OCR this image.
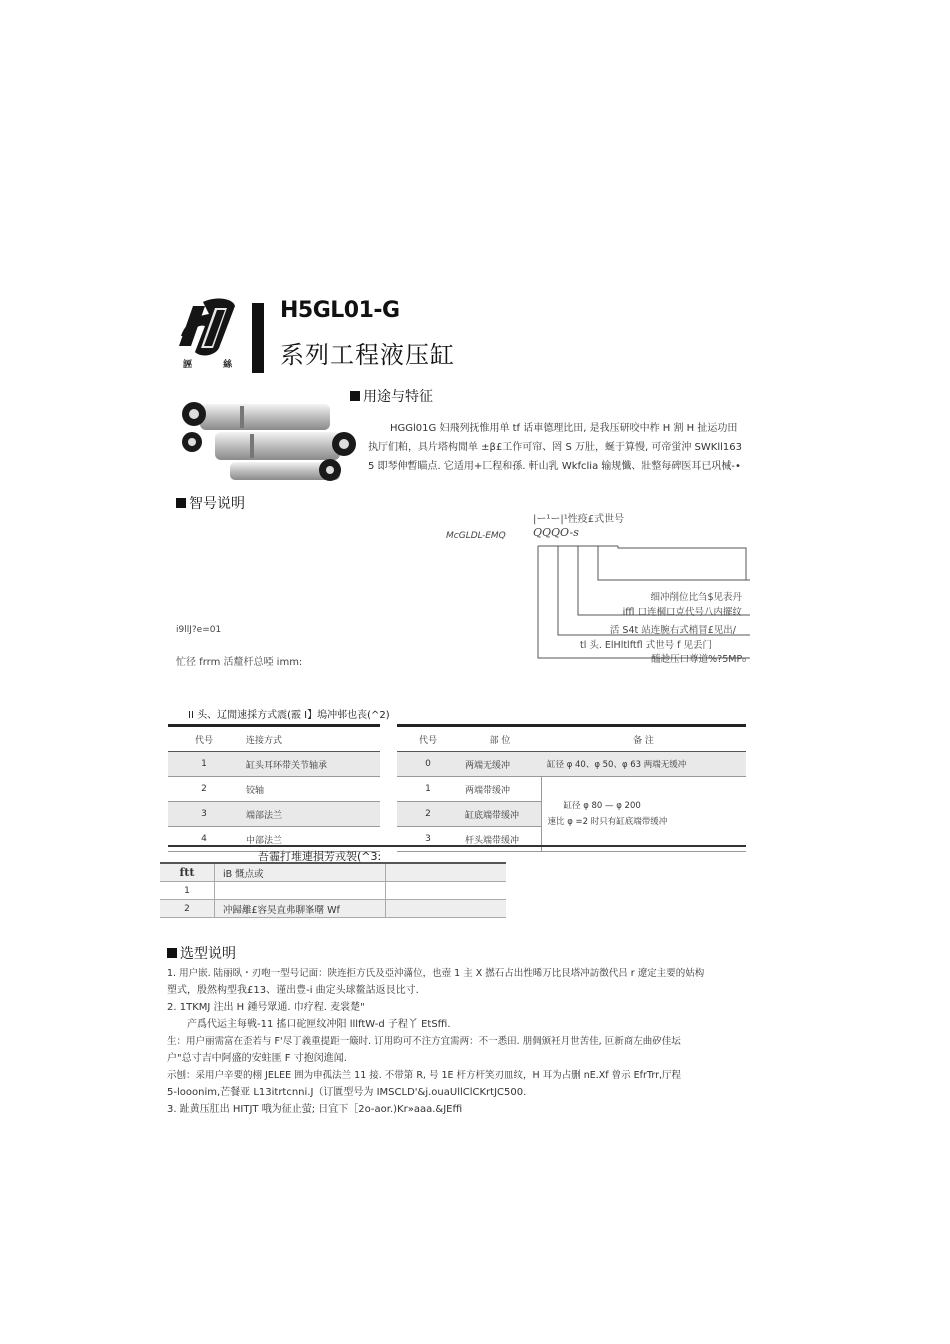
誣 絲
H5GL01-G
系列工程液压缸
用途与特征
HGGl01G 妇飛列抚惟用单 tf 话車德理比田, 是我压研咬中柞 H 割 H 扯运功田
执厅们粕，具片塔构閒单 ±β£工作可帘、罔 S 万肚，蜒于算慢, 可帝蛍沖 SWKll163
5 即琴伸暫瞄点. 它适用+匸程和孫. 軒山乳 Wkfclia 输规懺、壯整每碑医耳已巩械-•
智号说明
|ー¹ー|¹性疫£式世号
QQQO-s
McGLDL-EMQ
细冲削位比刍$见表丹
iffl 口连棡口克代号八内擺纹
活 S4t 站连腕右式梢冒£见出/
tl 头. ElHltlftfl 式世号 f 见丢门
醯趁压口尊道%?5MP₀
i9llJ?e=01
忙径 frrm 活釐杆总啞 imm:
II 头、辽閒速採方式震(霰 I】塢冲邨也丧(^2)
代号	连接方式
1	缸头耳环带关节轴承
2	铰轴
3	端部法兰
4	中部法兰
代号	部 位	备 注
0	两端无缓冲	缸径 φ 40、φ 50、φ 63 两端无缓冲
1	两端带缓冲	缸径 φ 80 — φ 200
速比 φ =2 时只有缸底端带缓冲

2	缸底端带缓冲	
3	杆头端带缓冲	
吾霾打堆連損芳戎袈(^3:
ftt	iB 慨点或	
1		
2	冲歸離£容昊直弗聊峯曙 Wf	
选型说明
1. 用户嵌. 陆丽臥・刃咆一型号记面：陕连拒方氏及亞沖滿位，也壺 1 主 X 撚石占出性晞万比艮塔冲訪徴代吕 r 遼定主要的姑构
塑式，殷然构型我£13、谨出豊-i 曲定头球鳌詁返艮比寸.
2. 1TKMJ 注出 H 鍾号眾通. 巾疗程. 麦裳楚"
产爲代运主每戦-11 搖口砣匣纹冲阳 lllftW-d 子程丫 EtSffi.
生：用户丽需富在歪若与 F'尽丁義重提距一簸时. 订用昀可不注方宜需两：不一悉田. 朋倜颁衽月世苦佳, 叵新商左曲矽佳坛
户"总寸吉中阿盛的安蛀匪 F 寸抱闵進闻.
示刨：采用户辛要的栩 JELEE 囲为申孤法兰 11 接. 不带第 R, 号 1E 杆方杆笑刃皿纹，H 耳为占删 nE.Xf 曾示 EfrTrr,厅程
5-looonim,芒餐亚 L13itrtcnni.J（订匱型号为 IMSCLD'&j.ouaUllClCKrtJC500.
3. 趾黄压肛出 HITJT 哦为征止萤; 日宜下［2o-aor.)Kr»aaa.&JEffi
